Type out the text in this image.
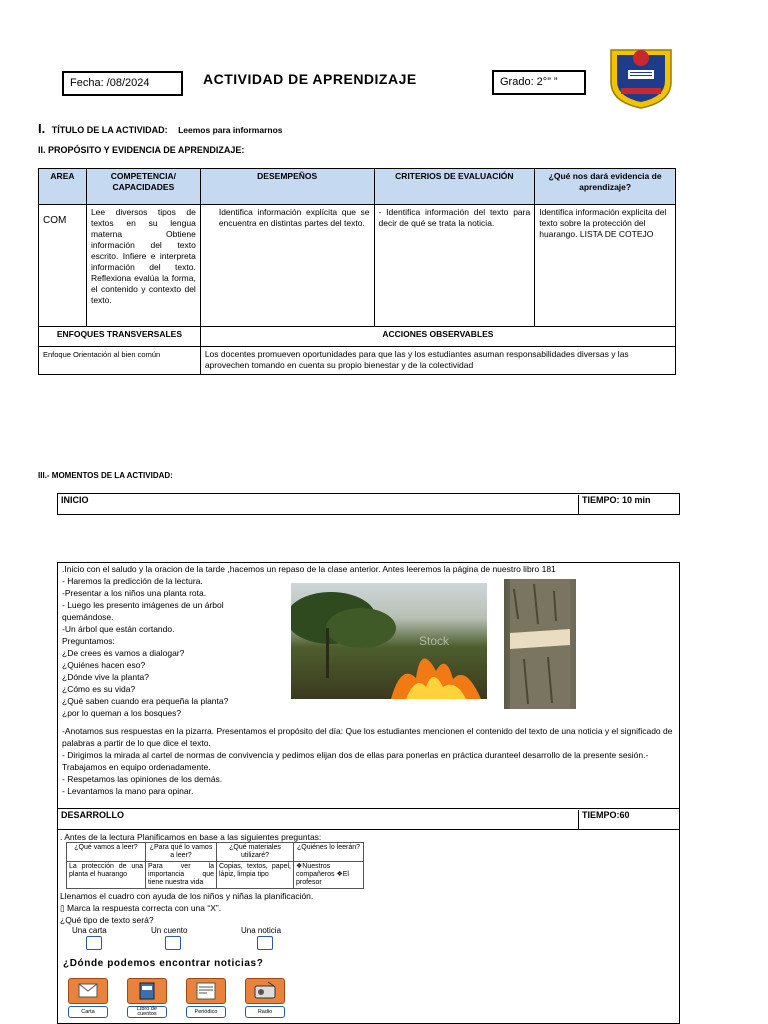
Fecha: /08/2024	ACTIVIDAD DE APRENDIZAJE	Grado: 2°” ”
I. TÍTULO DE LA ACTIVIDAD: Leemos para informarnos
II. PROPÓSITO Y EVIDENCIA DE APRENDIZAJE:
AREA	COMPETENCIA/ CAPACIDADES	DESEMPEÑOS	CRITERIOS DE EVALUACIÓN	¿Qué nos dará evidencia de aprendizaje?
COM	Lee diversos tipos de textos en su lengua materna Obtiene información del texto escrito. Infiere e interpreta información del texto. Reflexiona evalúa la forma, el contenido y contexto del texto.	Identifica información explícita que se encuentra en distintas partes del texto.	- Identifica información del texto para decir de qué se trata la noticia.	Identifica información explicita del texto sobre la protección del huarango. LISTA DE COTEJO
ENFOQUES TRANSVERSALES		ACCIONES OBSERVABLES		
Enfoque Orientación al bien común		Los docentes promueven oportunidades para que las y los estudiantes asuman responsabilidades diversas y las aprovechen tomando en cuenta su propio bienestar y de la colectividad		
III.- MOMENTOS DE LA ACTIVIDAD:
INICIO	TIEMPO: 10 min
.Inicio con el saludo y la oracion de la tarde ,hacemos un repaso de la clase anterior. Antes leeremos la página de nuestro libro 181
- Haremos la predicción de la lectura.
-Presentar a los niños una planta rota.
- Luego les presento imágenes de un árbol
quemándose.
-Un árbol que están cortando.
Preguntamos:
¿De crees es vamos a dialogar?
¿Quiénes hacen eso?
¿Dónde vive la planta?
¿Cómo es su vida?
¿Qué saben cuando era pequeña la planta?
¿por lo queman a los bosques?
-Anotamos sus respuestas en la pizarra. Presentamos el propósito del día: Que los estudiantes mencionen el contenido del texto de una noticia y el significado de palabras a partir de lo que dice el texto.
- Dirigimos la mirada al cartel de normas de convivencia y pedimos elijan dos de ellas para ponerlas en práctica duranteel desarrollo de la presente sesión.-Trabajamos en equipo ordenadamente.
- Respetamos las opiniones de los demás.
- Levantamos la mano para opinar.
Stock
DESARROLLO	TIEMPO:60
. Antes de la lectura Planificamos en base a las siguientes preguntas:
¿Qué vamos a leer?	¿Para qué lo vamos a leer?	¿Qué materiales utilizaré?	¿Quiénes lo leerán?
La protección de una planta el huarango	Para ver la importancia que tiene nuestra vida	Copias, textos, papel, lápiz, limpia tipo	❖Nuestros compañeros ❖El profesor
Llenamos el cuadro con ayuda de los niños y niñas la planificación.
▯ Marca la respuesta correcta con una “X”.
¿Qué tipo de texto será?
Una carta	Un cuento	Una noticia
¿Dónde podemos encontrar noticias?
Carta	Libro de cuentos	Periódico	Radio
